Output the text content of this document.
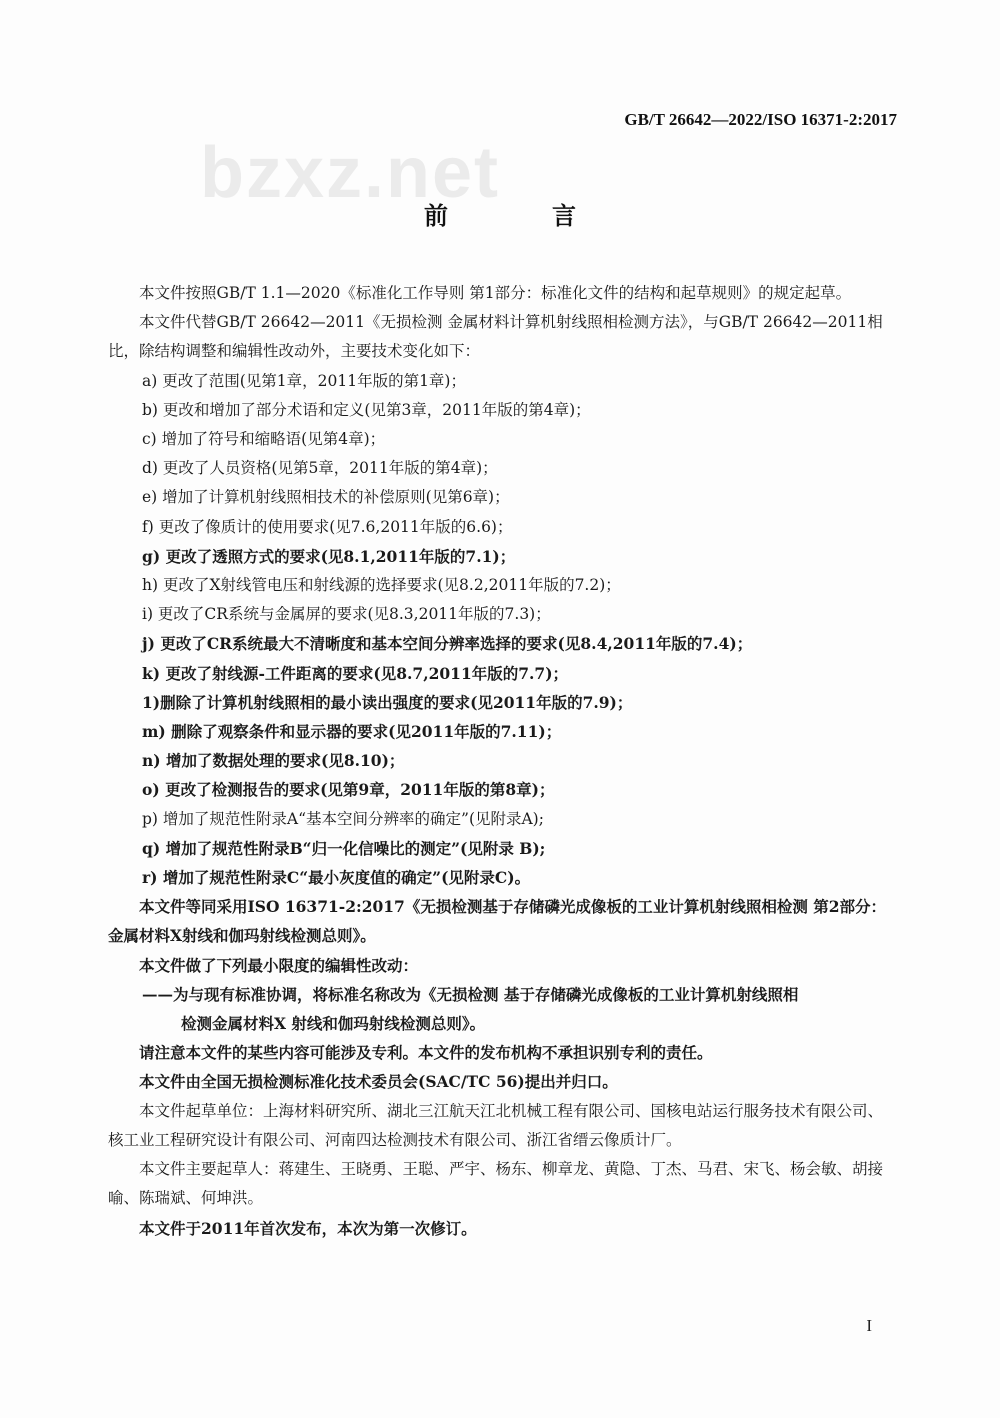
GB/T 26642—2022/ISO 16371-2:2017
bzxz.net
前　言

本文件按照GB/T 1.1—2020《标准化工作导则 第1部分：标准化文件的结构和起草规则》的规定起草。

本文件代替GB/T 26642—2011《无损检测 金属材料计算机射线照相检测方法》，与GB/T 26642—2011相比，除结构调整和编辑性改动外，主要技术变化如下：

a) 更改了范围(见第1章，2011年版的第1章)；

b) 更改和增加了部分术语和定义(见第3章，2011年版的第4章)；

c) 增加了符号和缩略语(见第4章)；

d) 更改了人员资格(见第5章，2011年版的第4章)；

e) 增加了计算机射线照相技术的补偿原则(见第6章)；

f) 更改了像质计的使用要求(见7.6,2011年版的6.6)；

g) 更改了透照方式的要求(见8.1,2011年版的7.1)；

h) 更改了X射线管电压和射线源的选择要求(见8.2,2011年版的7.2)；

i) 更改了CR系统与金属屏的要求(见8.3,2011年版的7.3)；

j) 更改了CR系统最大不清晰度和基本空间分辨率选择的要求(见8.4,2011年版的7.4)；

k) 更改了射线源-工件距离的要求(见8.7,2011年版的7.7)；

1)删除了计算机射线照相的最小读出强度的要求(见2011年版的7.9)；

m) 删除了观察条件和显示器的要求(见2011年版的7.11)；

n) 增加了数据处理的要求(见8.10)；

o) 更改了检测报告的要求(见第9章，2011年版的第8章)；

p) 增加了规范性附录A“基本空间分辨率的确定”(见附录A);

q) 增加了规范性附录B“归一化信噪比的测定”(见附录 B);

r) 增加了规范性附录C“最小灰度值的确定”(见附录C)。

本文件等同采用ISO 16371-2:2017《无损检测基于存储磷光成像板的工业计算机射线照相检测 第2部分：金属材料X射线和伽玛射线检测总则》。

本文件做了下列最小限度的编辑性改动：

——为与现有标准协调，将标准名称改为《无损检测 基于存储磷光成像板的工业计算机射线照相

检测金属材料X 射线和伽玛射线检测总则》。

请注意本文件的某些内容可能涉及专利。本文件的发布机构不承担识别专利的责任。

本文件由全国无损检测标准化技术委员会(SAC/TC 56)提出并归口。

本文件起草单位：上海材料研究所、湖北三江航天江北机械工程有限公司、国核电站运行服务技术有限公司、核工业工程研究设计有限公司、河南四达检测技术有限公司、浙江省缙云像质计厂。

本文件主要起草人：蒋建生、王晓勇、王聪、严宇、杨东、柳章龙、黄隐、丁杰、马君、宋飞、杨会敏、胡接喻、陈瑞斌、何坤洪。

本文件于2011年首次发布，本次为第一次修订。

I
